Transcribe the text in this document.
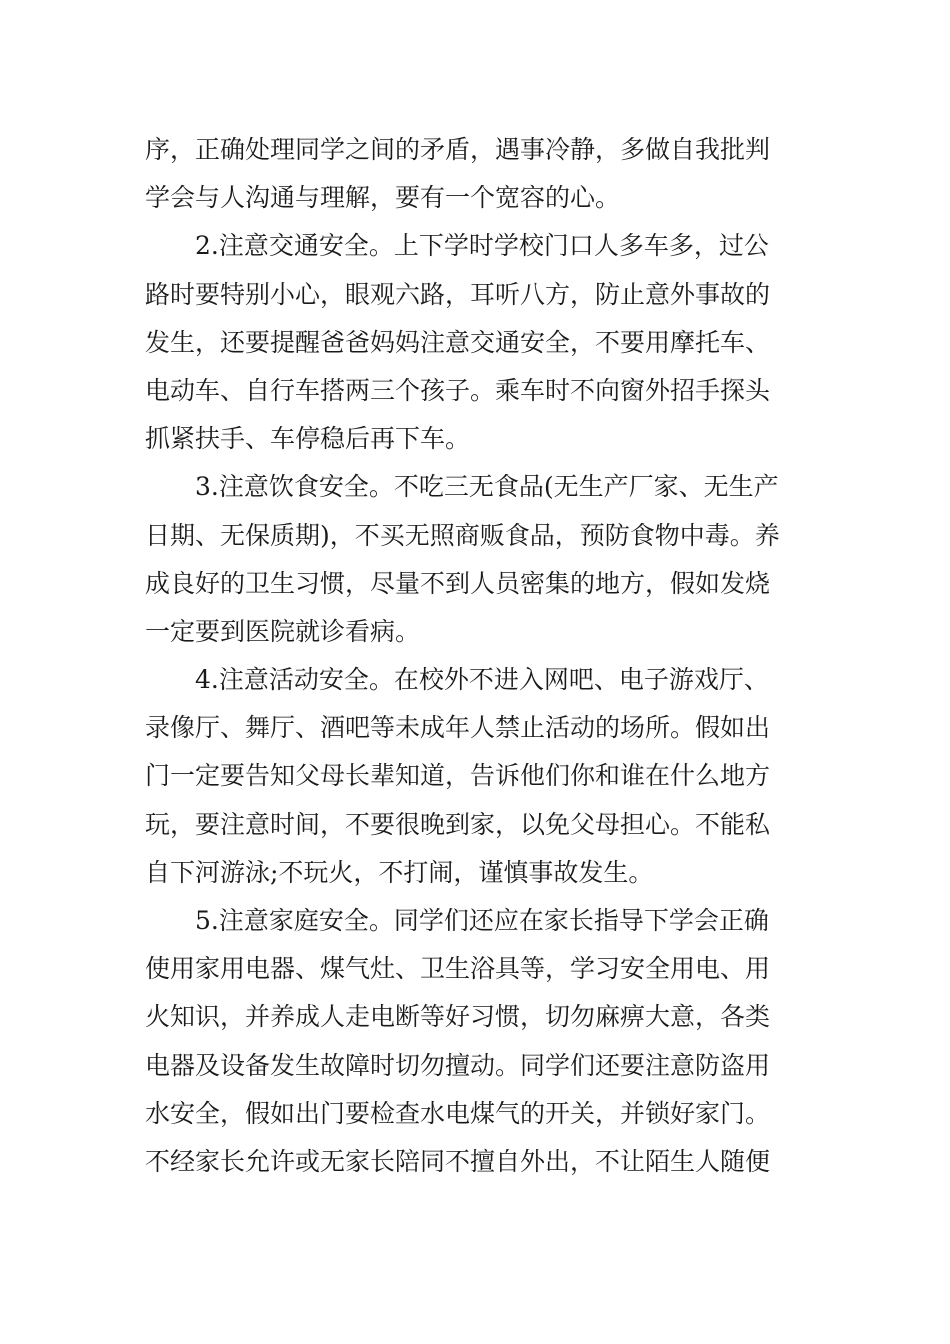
序，正确处理同学之间的矛盾，遇事冷静，多做自我批判
学会与人沟通与理解，要有一个宽容的心。
2.注意交通安全。上下学时学校门口人多车多，过公
路时要特别小心，眼观六路，耳听八方，防止意外事故的
发生，还要提醒爸爸妈妈注意交通安全，不要用摩托车、
电动车、自行车搭两三个孩子。乘车时不向窗外招手探头
抓紧扶手、车停稳后再下车。
3.注意饮食安全。不吃三无食品(无生产厂家、无生产
日期、无保质期)，不买无照商贩食品，预防食物中毒。养
成良好的卫生习惯，尽量不到人员密集的地方，假如发烧
一定要到医院就诊看病。
4.注意活动安全。在校外不进入网吧、电子游戏厅、
录像厅、舞厅、酒吧等未成年人禁止活动的场所。假如出
门一定要告知父母长辈知道，告诉他们你和谁在什么地方
玩，要注意时间，不要很晚到家，以免父母担心。不能私
自下河游泳;不玩火，不打闹，谨慎事故发生。
5.注意家庭安全。同学们还应在家长指导下学会正确
使用家用电器、煤气灶、卫生浴具等，学习安全用电、用
火知识，并养成人走电断等好习惯，切勿麻痹大意，各类
电器及设备发生故障时切勿擅动。同学们还要注意防盗用
水安全，假如出门要检查水电煤气的开关，并锁好家门。
不经家长允许或无家长陪同不擅自外出，不让陌生人随便
